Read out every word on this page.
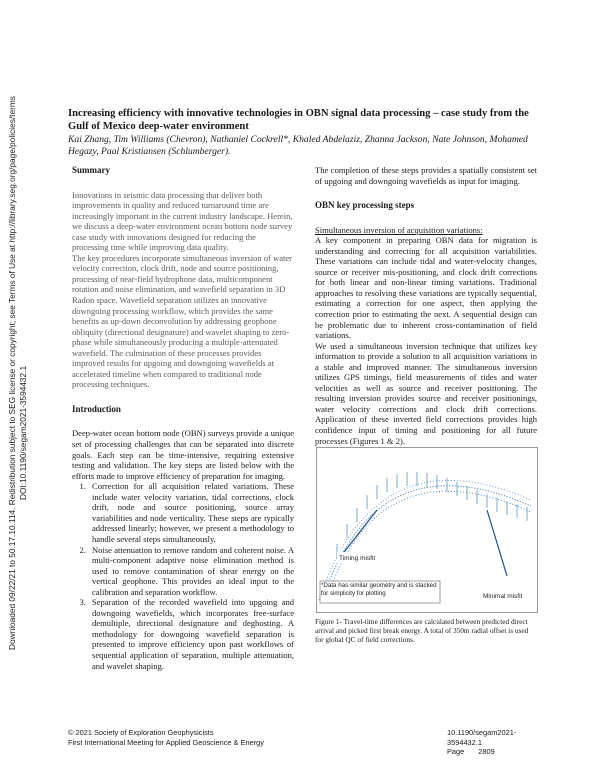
Downloaded 09/22/21 to 50.17.10.114. Redistribution subject to SEG license or copyright; see Terms of Use at http://library.seg.org/page/policies/terms DOI:10.1190/segam2021-3594432.1
Increasing efficiency with innovative technologies in OBN signal data processing – case study from the Gulf of Mexico deep-water environment
Kai Zhang, Tim Williams (Chevron), Nathaniel Cockrell*, Khaled Abdelaziz, Zhanna Jackson, Nate Johnson, Mohamed Hegazy, Paal Kristiansen (Schlumberger).
Summary

Innovations in seismic data processing that deliver both improvements in quality and reduced turnaround time are increasingly important in the current industry landscape. Herein, we discuss a deep-water environment ocean bottom node survey case study with innovations designed for reducing the processing time while improving data quality.

The key procedures incorporate simultaneous inversion of water velocity correction, clock drift, node and source positioning, processing of near-field hydrophone data, multicomponent rotation and noise elimination, and wavefield separation in 3D Radon space. Wavefield separation utilizes an innovative downgoing processing workflow, which provides the same benefits as up-down deconvolution by addressing geophone obliquity (directional designature) and wavelet shaping to zero-phase while simultaneously producing a multiple-attenuated wavefield. The culmination of these processes provides improved results for upgoing and downgoing wavefields at accelerated timeline when compared to traditional node processing techniques.

Introduction

Deep-water ocean bottom node (OBN) surveys provide a unique set of processing challenges that can be separated into discrete goals. Each step can be time-intensive, requiring extensive testing and validation. The key steps are listed below with the efforts made to improve efficiency of preparation for imaging.

1. Correction for all acquisition related variations. These include water velocity variation, tidal corrections, clock drift, node and source positioning, source array variabilities and node verticality. These steps are typically addressed linearly; however, we present a methodology to handle several steps simultaneously.
2. Noise attenuation to remove random and coherent noise. A multi-component adaptive noise elimination method is used to remove contamination of shear energy on the vertical geophone. This provides an ideal input to the calibration and separation workflow.
3. Separation of the recorded wavefield into upgoing and downgoing wavefields, which incorporates free-surface demultiple, directional designature and deghosting. A methodology for downgoing wavefield separation is presented to improve efficiency upon past workflows of sequential application of separation, multiple attenuation, and wavelet shaping.

The completion of these steps provides a spatially consistent set of upgoing and downgoing wavefields as input for imaging.

OBN key processing steps

Simultaneous inversion of acquisition variations:

A key component in preparing OBN data for migration is understanding and correcting for all acquisition variabilities. These variations can include tidal and water-velocity changes, source or receiver mis-positioning, and clock drift corrections for both linear and non-linear timing variations. Traditional approaches to resolving these variations are typically sequential, estimating a correction for one aspect, then applying the correction prior to estimating the next. A sequential design can be problematic due to inherent cross-contamination of field variations.

We used a simultaneous inversion technique that utilizes key information to provide a solution to all acquisition variations in a stable and improved manner. The simultaneous inversion utilizes GPS timings, field measurements of tides and water velocities as well as source and receiver positioning. The resulting inversion provides source and receiver positionings, water velocity corrections and clock drift corrections. Application of these inverted field corrections provides high confidence input of timing and positioning for all future processes (Figures 1 & 2).

Timing misfit
*Data has similar geometry and is stacked for simplicity for plotting	Minimal misfit
Figure 1- Travel-time differences are calculated between predicted direct arrival and picked first break energy. A total of 350m radial offset is used for global QC of field corrections.
© 2021 Society of Exploration Geophysicists
First International Meeting for Applied Geoscience & Energy
10.1190/segam2021-3594432.1
Page 2809
